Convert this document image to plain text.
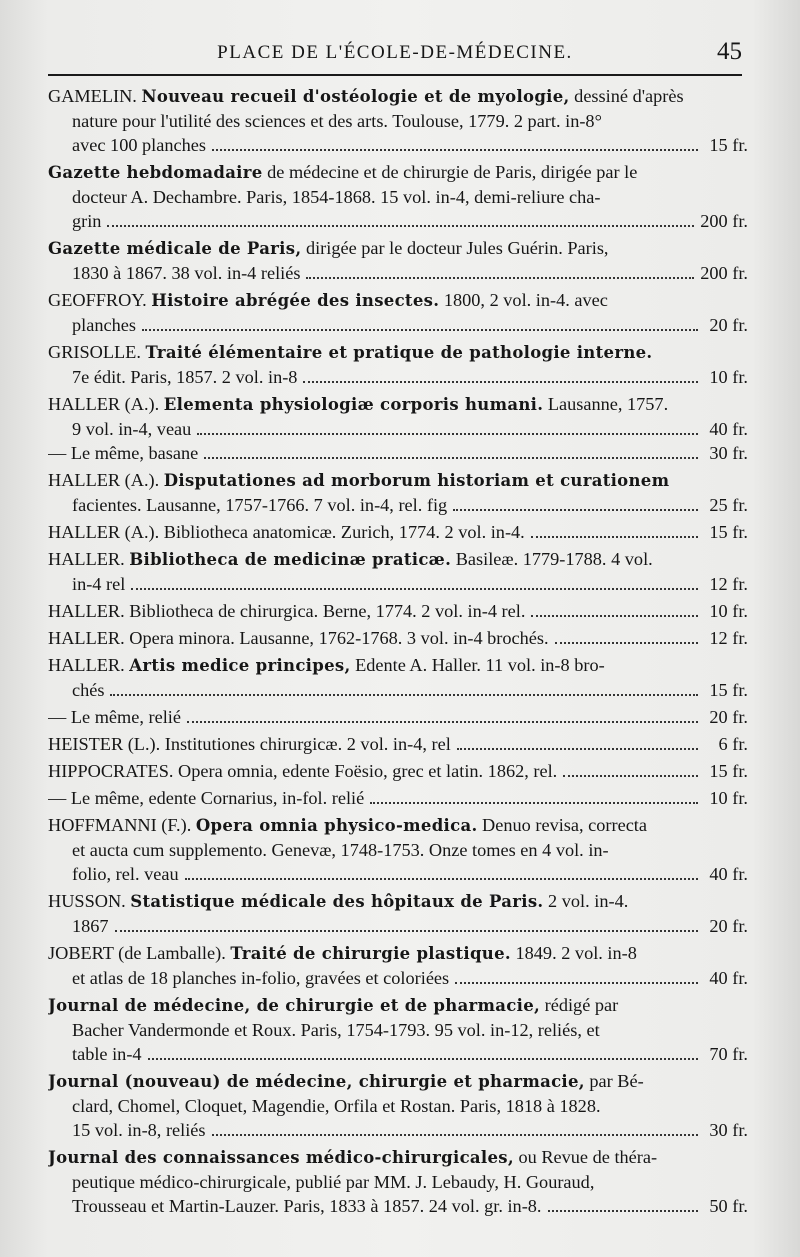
PLACE DE L'ÉCOLE-DE-MÉDECINE.	45
GAMELIN. Nouveau recueil d'ostéologie et de myologie, dessiné d'après
nature pour l'utilité des sciences et des arts. Toulouse, 1779. 2 part. in-8°
avec 100 planches	15 fr.
Gazette hebdomadaire de médecine et de chirurgie de Paris, dirigée par le
docteur A. Dechambre. Paris, 1854-1868. 15 vol. in-4, demi-reliure cha-
grin	200 fr.
Gazette médicale de Paris, dirigée par le docteur Jules Guérin. Paris,
1830 à 1867. 38 vol. in-4 reliés	200 fr.
GEOFFROY. Histoire abrégée des insectes. 1800, 2 vol. in-4. avec
planches	20 fr.
GRISOLLE. Traité élémentaire et pratique de pathologie interne.
7e édit. Paris, 1857. 2 vol. in-8	10 fr.
HALLER (A.). Elementa physiologiæ corporis humani. Lausanne, 1757.
9 vol. in-4, veau	40 fr.
— Le même, basane	30 fr.
HALLER (A.). Disputationes ad morborum historiam et curationem
facientes. Lausanne, 1757-1766. 7 vol. in-4, rel. fig	25 fr.
HALLER (A.). Bibliotheca anatomicæ. Zurich, 1774. 2 vol. in-4.	15 fr.
HALLER. Bibliotheca de medicinæ praticæ. Basileæ. 1779-1788. 4 vol.
in-4 rel	12 fr.
HALLER. Bibliotheca de chirurgica. Berne, 1774. 2 vol. in-4 rel.	10 fr.
HALLER. Opera minora. Lausanne, 1762-1768. 3 vol. in-4 brochés.	12 fr.
HALLER. Artis medice principes, Edente A. Haller. 11 vol. in-8 bro-
chés	15 fr.
— Le même, relié	20 fr.
HEISTER (L.). Institutiones chirurgicæ. 2 vol. in-4, rel	6 fr.
HIPPOCRATES. Opera omnia, edente Foësio, grec et latin. 1862, rel.	15 fr.
— Le même, edente Cornarius, in-fol. relié	10 fr.
HOFFMANNI (F.). Opera omnia physico-medica. Denuo revisa, correcta
et aucta cum supplemento. Genevæ, 1748-1753. Onze tomes en 4 vol. in-
folio, rel. veau	40 fr.
HUSSON. Statistique médicale des hôpitaux de Paris. 2 vol. in-4.
1867	20 fr.
JOBERT (de Lamballe). Traité de chirurgie plastique. 1849. 2 vol. in-8
et atlas de 18 planches in-folio, gravées et coloriées	40 fr.
Journal de médecine, de chirurgie et de pharmacie, rédigé par
Bacher Vandermonde et Roux. Paris, 1754-1793. 95 vol. in-12, reliés, et
table in-4	70 fr.
Journal (nouveau) de médecine, chirurgie et pharmacie, par Bé-
clard, Chomel, Cloquet, Magendie, Orfila et Rostan. Paris, 1818 à 1828.
15 vol. in-8, reliés	30 fr.
Journal des connaissances médico-chirurgicales, ou Revue de théra-
peutique médico-chirurgicale, publié par MM. J. Lebaudy, H. Gouraud,
Trousseau et Martin-Lauzer. Paris, 1833 à 1857. 24 vol. gr. in-8.	50 fr.
